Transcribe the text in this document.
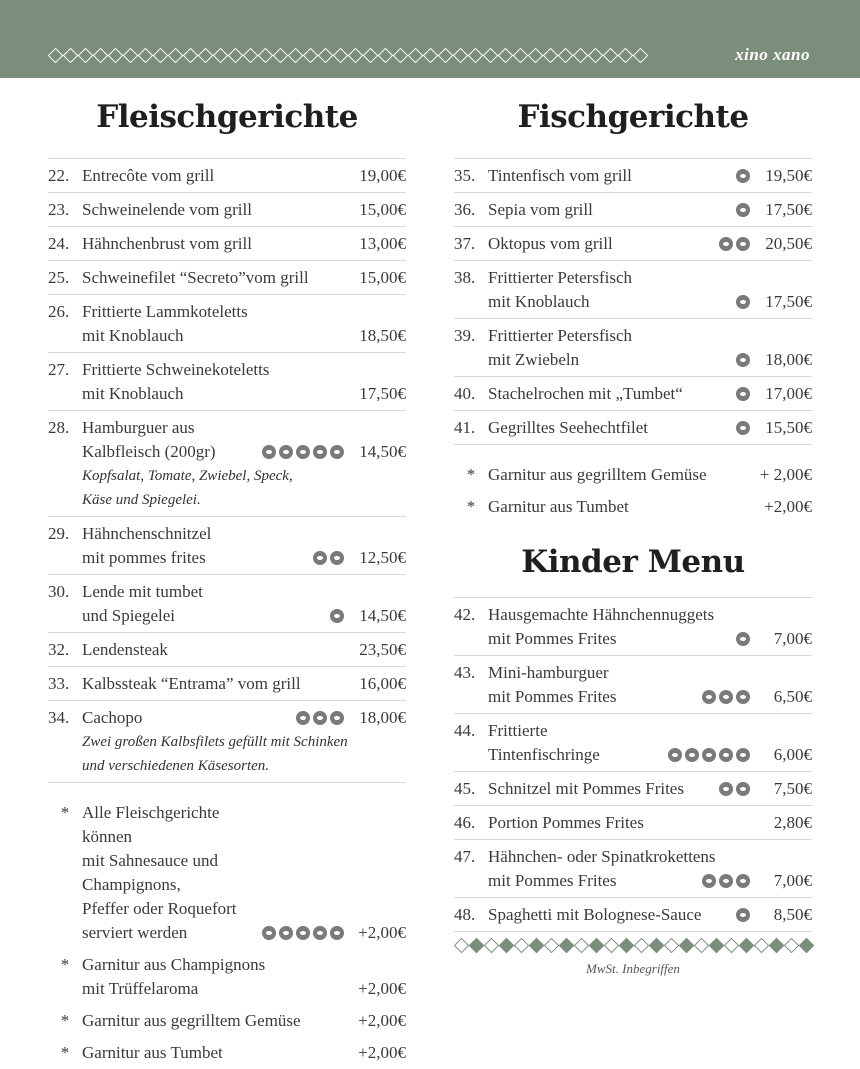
xino xano
Fleischgerichte
22. Entrecôte vom grill	19,00€
23. Schweinelende vom grill	15,00€
24. Hähnchenbrust vom grill	13,00€
25. Schweinefilet “Secreto”vom grill	15,00€
26. Frittierte Lammkoteletts
mit Knoblauch	18,50€
27. Frittierte Schweinekoteletts
mit Knoblauch	17,50€
28. Hamburguer aus
Kalbfleisch (200gr)	14,50€
Kopfsalat, Tomate, Zwiebel, Speck,
Käse und Spiegelei.
29. Hähnchenschnitzel
mit pommes frites	12,50€
30. Lende mit tumbet
und Spiegelei	14,50€
32. Lendensteak	23,50€
33. Kalbssteak “Entrama” vom grill	16,00€
34. Cachopo	18,00€
Zwei großen Kalbsfilets gefüllt mit Schinken
und verschiedenen Käsesorten.
* Alle Fleischgerichte können
mit Sahnesauce und Champignons,
Pfeffer oder Roquefort
serviert werden	+2,00€
* Garnitur aus Champignons
mit Trüffelaroma	+2,00€
* Garnitur aus gegrilltem Gemüse	+2,00€
* Garnitur aus Tumbet	+2,00€
Fischgerichte
35. Tintenfisch vom grill	19,50€
36. Sepia vom grill	17,50€
37. Oktopus vom grill	20,50€
38. Frittierter Petersfisch
mit Knoblauch	17,50€
39. Frittierter Petersfisch
mit Zwiebeln	18,00€
40. Stachelrochen mit „Tumbet“	17,00€
41. Gegrilltes Seehechtfilet	15,50€
* Garnitur aus gegrilltem Gemüse	+ 2,00€
* Garnitur aus Tumbet	+2,00€
Kinder Menu
42. Hausgemachte Hähnchennuggets
mit Pommes Frites	7,00€
43. Mini-hamburguer
mit Pommes Frites	6,50€
44. Frittierte
Tintenfischringe	6,00€
45. Schnitzel mit Pommes Frites	7,50€
46. Portion Pommes Frites	2,80€
47. Hähnchen- oder Spinatkrokettens
mit Pommes Frites	7,00€
48. Spaghetti mit Bolognese-Sauce	8,50€
MwSt. Inbegriffen
